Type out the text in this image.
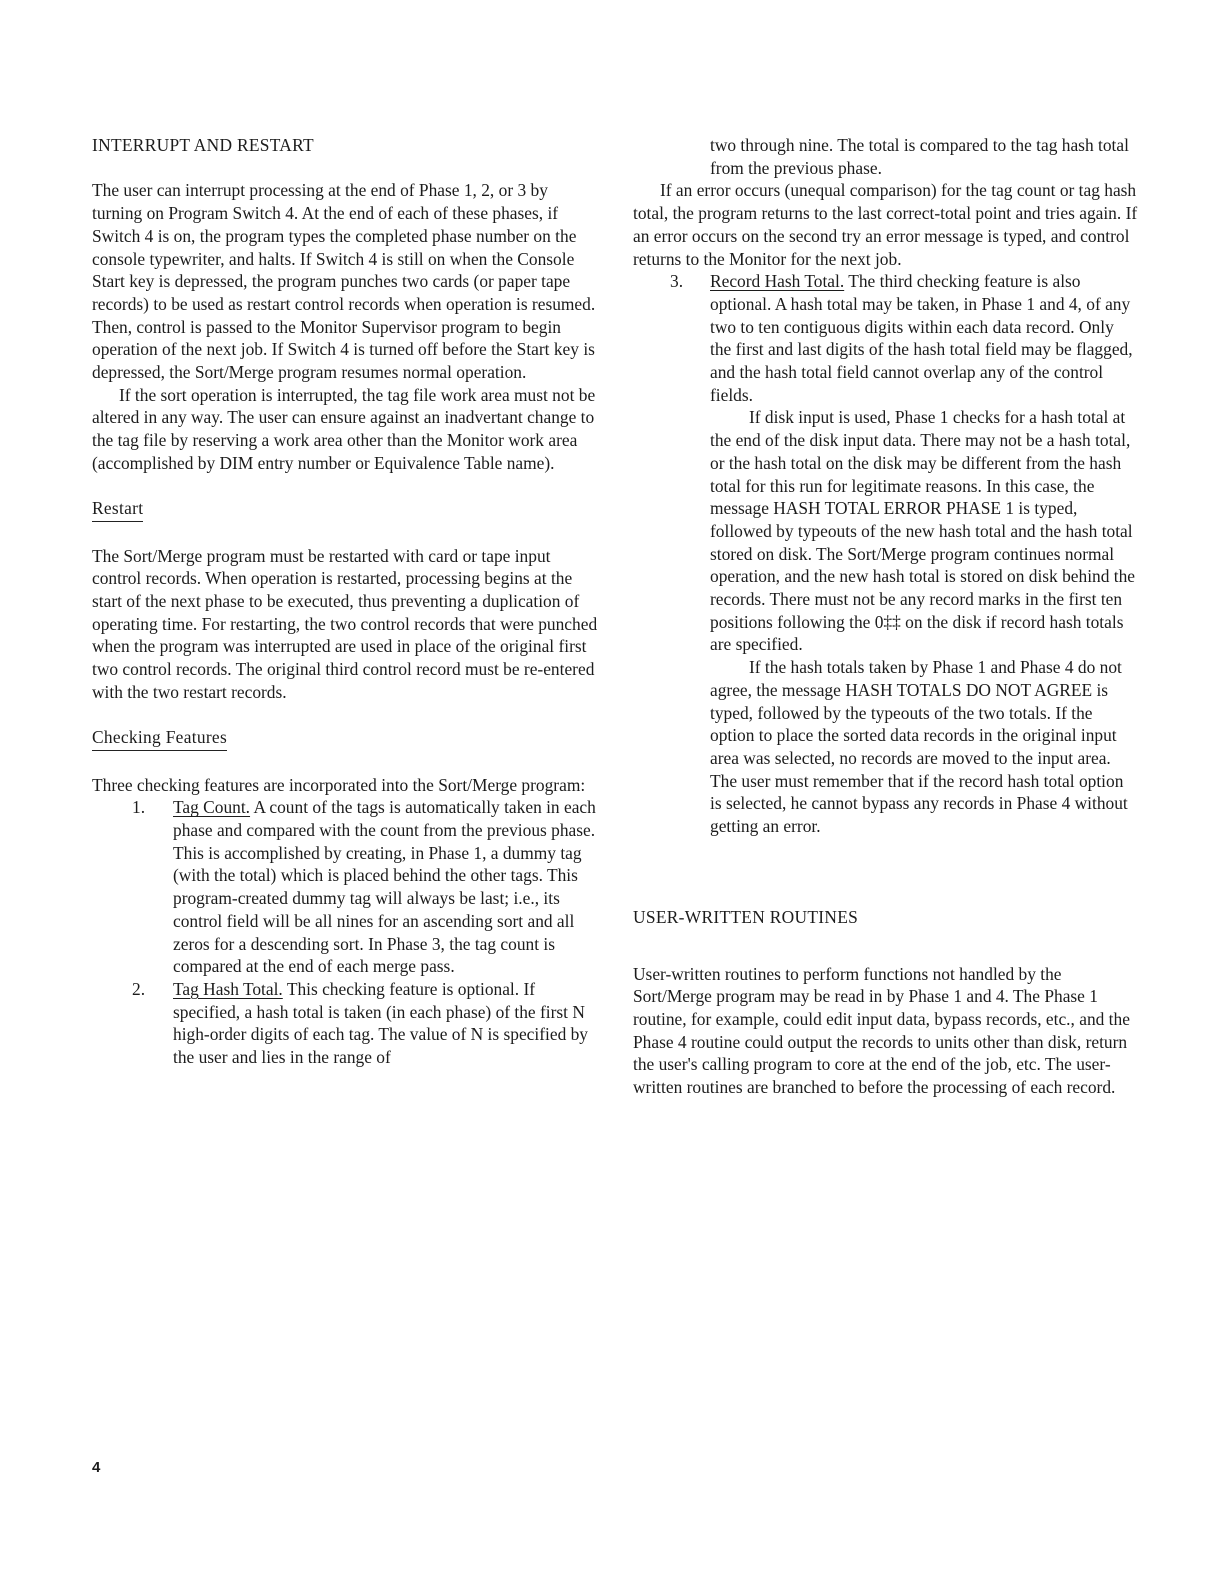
INTERRUPT AND RESTART

The user can interrupt processing at the end of Phase 1, 2, or 3 by turning on Program Switch 4. At the end of each of these phases, if Switch 4 is on, the program types the completed phase number on the console typewriter, and halts. If Switch 4 is still on when the Console Start key is depressed, the program punches two cards (or paper tape records) to be used as restart control records when operation is resumed. Then, control is passed to the Monitor Supervisor program to begin operation of the next job. If Switch 4 is turned off before the Start key is depressed, the Sort/Merge program resumes normal operation.

If the sort operation is interrupted, the tag file work area must not be altered in any way. The user can ensure against an inadvertant change to the tag file by reserving a work area other than the Monitor work area (accomplished by DIM entry number or Equivalence Table name).

Restart

The Sort/Merge program must be restarted with card or tape input control records. When operation is restarted, processing begins at the start of the next phase to be executed, thus preventing a duplication of operating time. For restarting, the two control records that were punched when the program was interrupted are used in place of the original first two control records. The original third control record must be re-entered with the two restart records.

Checking Features

Three checking features are incorporated into the Sort/Merge program:

1. Tag Count. A count of the tags is automatically taken in each phase and compared with the count from the previous phase. This is accomplished by creating, in Phase 1, a dummy tag (with the total) which is placed behind the other tags. This program-created dummy tag will always be last; i.e., its control field will be all nines for an ascending sort and all zeros for a descending sort. In Phase 3, the tag count is compared at the end of each merge pass.
2. Tag Hash Total. This checking feature is optional. If specified, a hash total is taken (in each phase) of the first N high-order digits of each tag. The value of N is specified by the user and lies in the range of

two through nine. The total is compared to the tag hash total from the previous phase.

If an error occurs (unequal comparison) for the tag count or tag hash total, the program returns to the last correct-total point and tries again. If an error occurs on the second try an error message is typed, and control returns to the Monitor for the next job.

3. Record Hash Total. The third checking feature is also optional. A hash total may be taken, in Phase 1 and 4, of any two to ten contiguous digits within each data record. Only the first and last digits of the hash total field may be flagged, and the hash total field cannot overlap any of the control fields.

If disk input is used, Phase 1 checks for a hash total at the end of the disk input data. There may not be a hash total, or the hash total on the disk may be different from the hash total for this run for legitimate reasons. In this case, the message HASH TOTAL ERROR PHASE 1 is typed, followed by typeouts of the new hash total and the hash total stored on disk. The Sort/Merge program continues normal operation, and the new hash total is stored on disk behind the records. There must not be any record marks in the first ten positions following the 0‡‡ on the disk if record hash totals are specified.

If the hash totals taken by Phase 1 and Phase 4 do not agree, the message HASH TOTALS DO NOT AGREE is typed, followed by the typeouts of the two totals. If the option to place the sorted data records in the original input area was selected, no records are moved to the input area. The user must remember that if the record hash total option is selected, he cannot bypass any records in Phase 4 without getting an error.

USER-WRITTEN ROUTINES

User-written routines to perform functions not handled by the Sort/Merge program may be read in by Phase 1 and 4. The Phase 1 routine, for example, could edit input data, bypass records, etc., and the Phase 4 routine could output the records to units other than disk, return the user's calling program to core at the end of the job, etc. The user-written routines are branched to before the processing of each record.

4
